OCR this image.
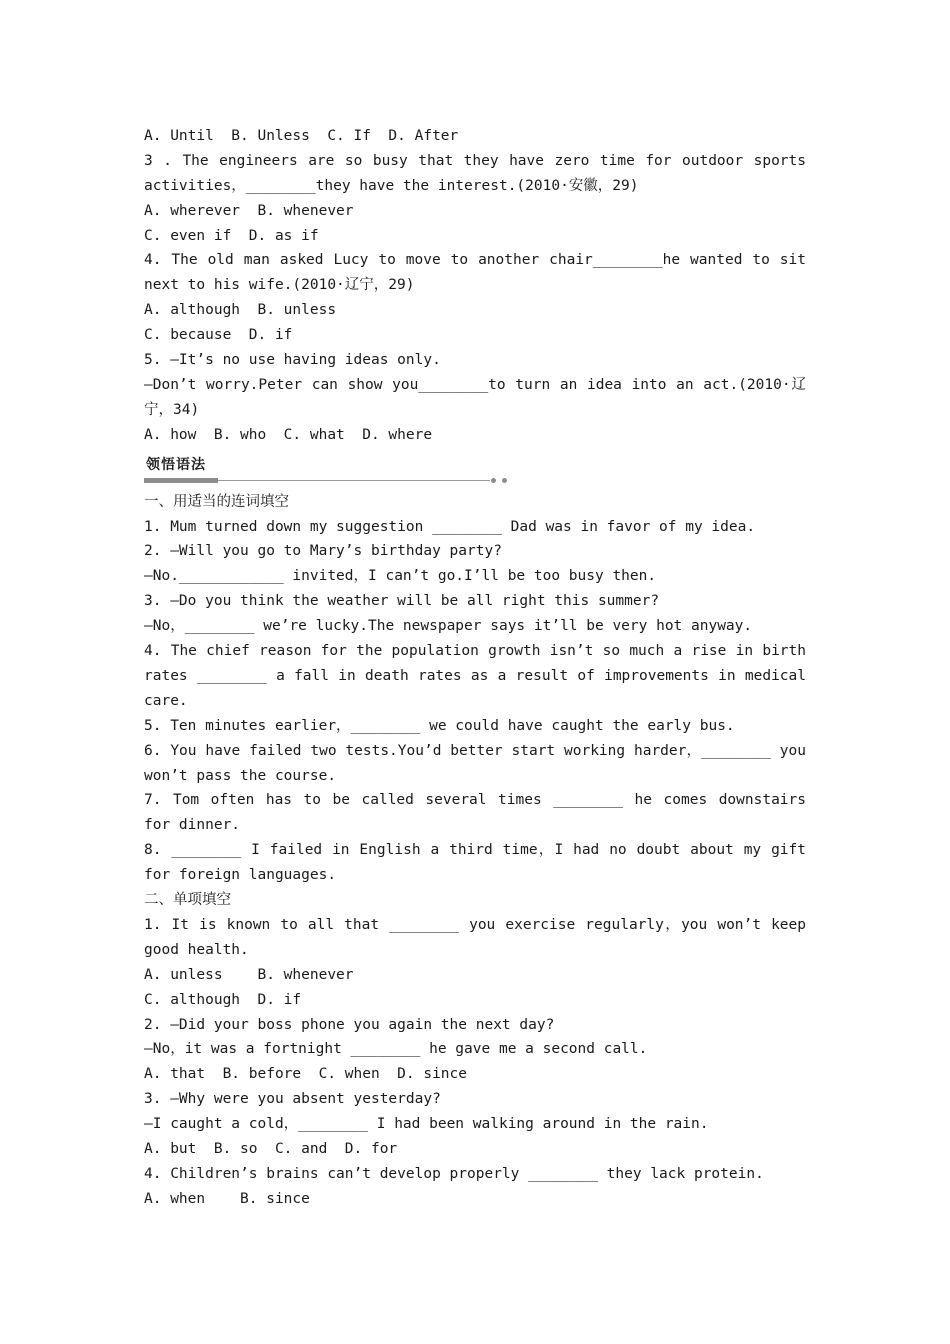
A. Until  B. Unless  C. If  D. After
3 . The engineers are so busy that they have zero time for outdoor sports activities，________they have the interest.(2010·安徽，29)
A. wherever  B. whenever
C. even if  D. as if
4. The old man asked Lucy to move to another chair________he wanted to sit next to his wife.(2010·辽宁，29)
A. although  B. unless
C. because  D. if
5. —It’s no use having ideas only.
—Don’t worry.Peter can show you________to turn an idea into an act.(2010·辽宁，34)
A. how  B. who  C. what  D. where
领悟语法
一、用适当的连词填空
1. Mum turned down my suggestion ________ Dad was in favor of my idea.
2. —Will you go to Mary’s birthday party?
—No.____________ invited，I can’t go.I’ll be too busy then.
3. —Do you think the weather will be all right this summer?
—No，________ we’re lucky.The newspaper says it’ll be very hot anyway.
4. The chief reason for the population growth isn’t so much a rise in birth rates ________ a fall in death rates as a result of improvements in medical care.
5. Ten minutes earlier，________ we could have caught the early bus.
6. You have failed two tests.You’d better start working harder，________ you won’t pass the course.
7. Tom often has to be called several times ________ he comes downstairs for dinner.
8. ________ I failed in English a third time，I had no doubt about my gift for foreign languages.
二、单项填空
1. It is known to all that ________ you exercise regularly，you won’t keep good health.
A. unless    B. whenever
C. although  D. if
2. —Did your boss phone you again the next day?
—No，it was a fortnight ________ he gave me a second call.
A. that  B. before  C. when  D. since
3. —Why were you absent yesterday?
—I caught a cold，________ I had been walking around in the rain.
A. but  B. so  C. and  D. for
4. Children’s brains can’t develop properly ________ they lack protein.
A. when    B. since
